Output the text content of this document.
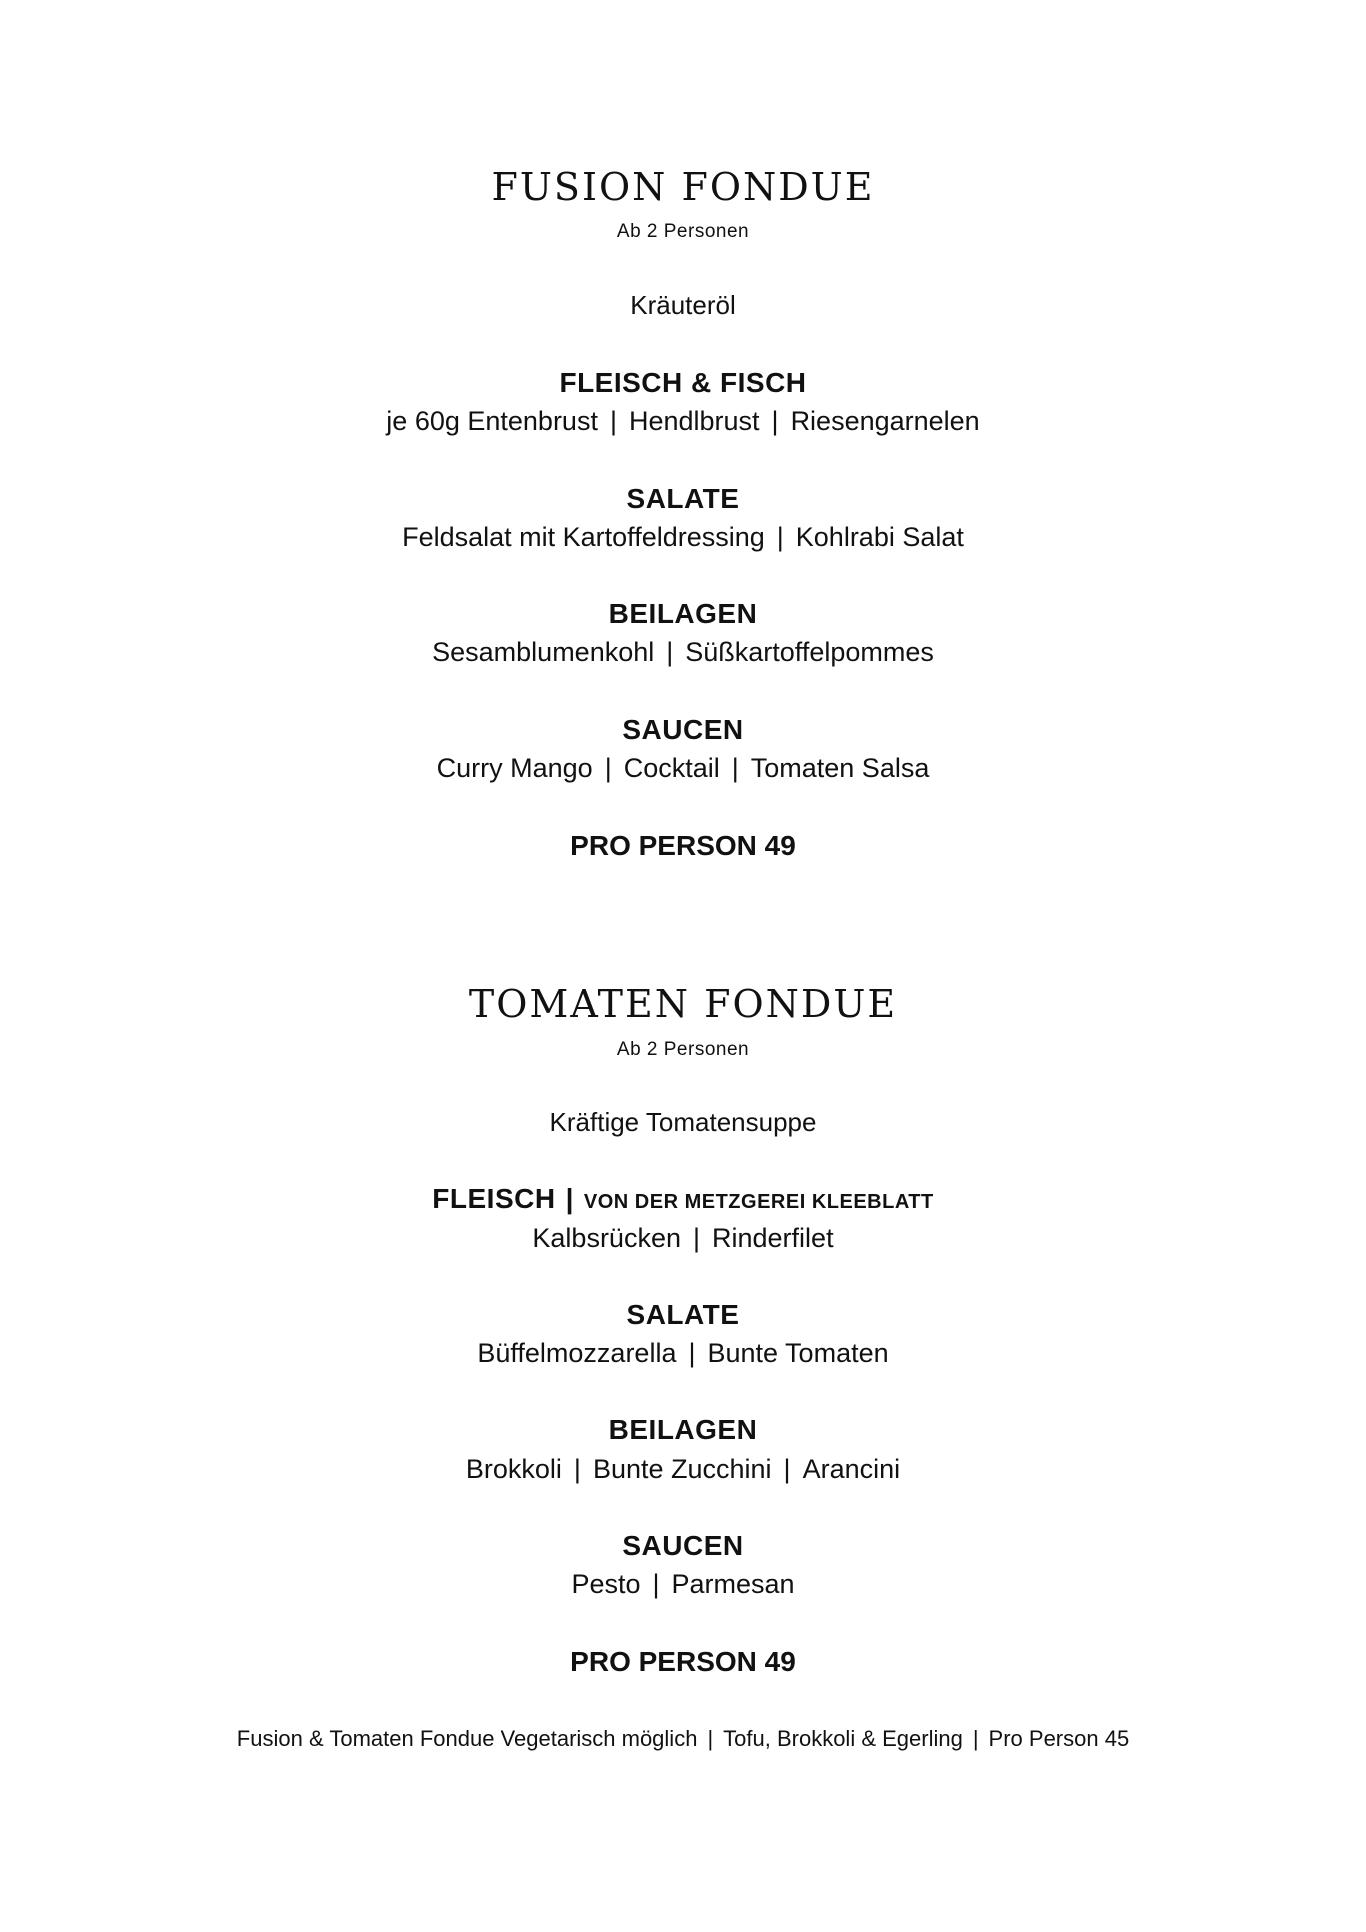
FUSION FONDUE
Ab 2 Personen
Kräuteröl
FLEISCH & FISCH
je 60g Entenbrust | Hendlbrust | Riesengarnelen
SALATE
Feldsalat mit Kartoffeldressing | Kohlrabi Salat
BEILAGEN
Sesamblumenkohl | Süßkartoffelpommes
SAUCEN
Curry Mango | Cocktail | Tomaten Salsa
PRO PERSON 49
TOMATEN FONDUE
Ab 2 Personen
Kräftige Tomatensuppe
FLEISCH | VON DER METZGEREI KLEEBLATT
Kalbsrücken | Rinderfilet
SALATE
Büffelmozzarella | Bunte Tomaten
BEILAGEN
Brokkoli | Bunte Zucchini | Arancini
SAUCEN
Pesto | Parmesan
PRO PERSON 49
Fusion & Tomaten Fondue Vegetarisch möglich | Tofu, Brokkoli & Egerling | Pro Person 45
